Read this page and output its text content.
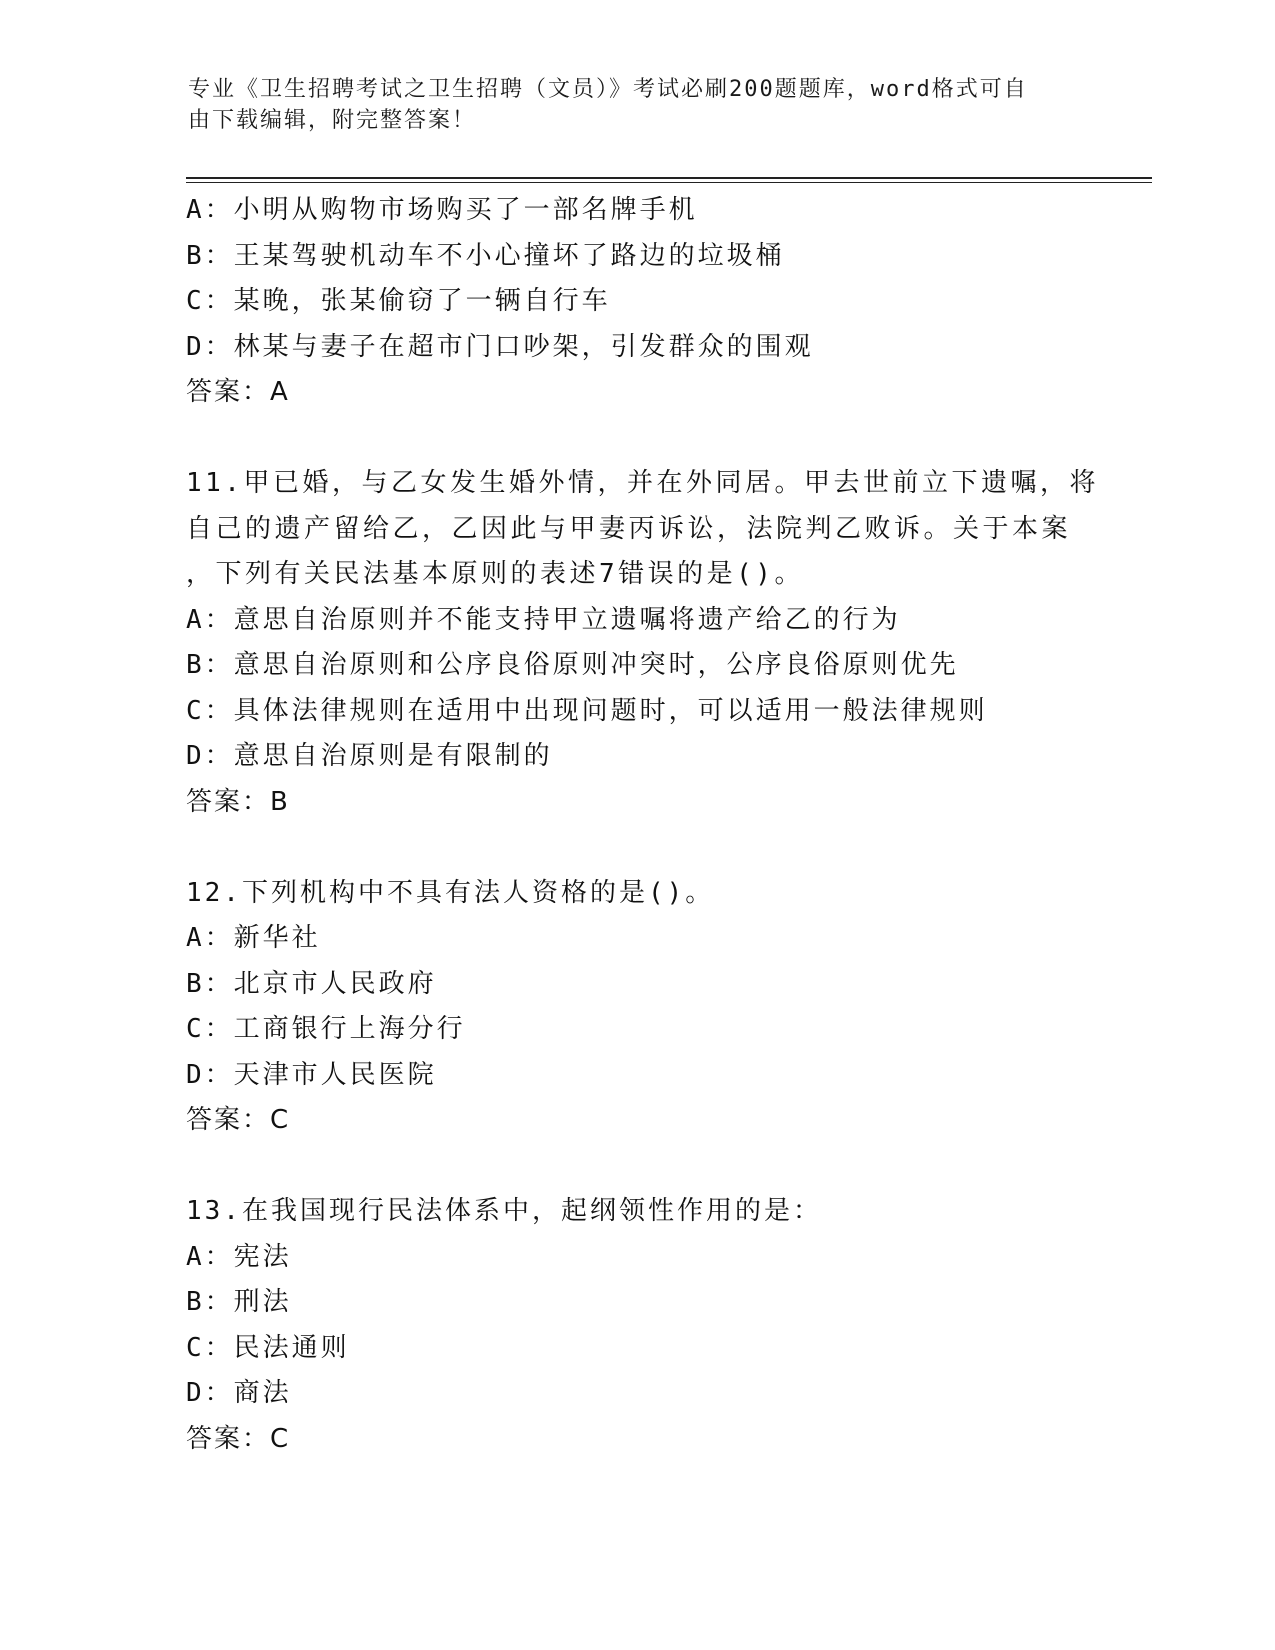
专业《卫生招聘考试之卫生招聘（文员）》考试必刷200题题库，word格式可自
由下载编辑，附完整答案！
A：小明从购物市场购买了一部名牌手机
B：王某驾驶机动车不小心撞坏了路边的垃圾桶
C：某晚，张某偷窃了一辆自行车
D：林某与妻子在超市门口吵架，引发群众的围观
答案：A
11.甲已婚，与乙女发生婚外情，并在外同居。甲去世前立下遗嘱，将
自己的遗产留给乙，乙因此与甲妻丙诉讼，法院判乙败诉。关于本案
，下列有关民法基本原则的表述7错误的是()。
A：意思自治原则并不能支持甲立遗嘱将遗产给乙的行为
B：意思自治原则和公序良俗原则冲突时，公序良俗原则优先
C：具体法律规则在适用中出现问题时，可以适用一般法律规则
D：意思自治原则是有限制的
答案：B
12.下列机构中不具有法人资格的是()。
A：新华社
B：北京市人民政府
C：工商银行上海分行
D：天津市人民医院
答案：C
13.在我国现行民法体系中，起纲领性作用的是：
A：宪法
B：刑法
C：民法通则
D：商法
答案：C
